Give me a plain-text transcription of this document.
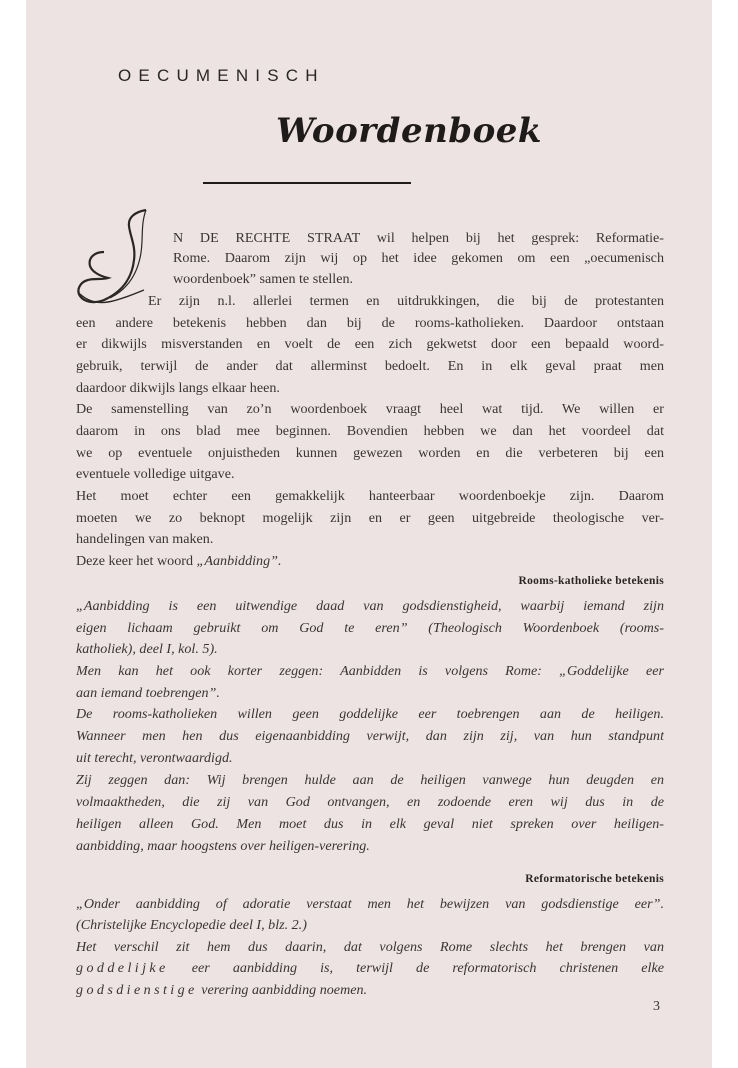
OECUMENISCH
Woordenboek
N DE RECHTE STRAAT wil helpen bij het gesprek: Reformatie-
Rome. Daarom zijn wij op het idee gekomen om een „oecumenisch
woordenboek” samen te stellen.
Er zijn n.l. allerlei termen en uitdrukkingen, die bij de protestanten
een andere betekenis hebben dan bij de rooms-katholieken. Daardoor ontstaan
er dikwijls misverstanden en voelt de een zich gekwetst door een bepaald woord-
gebruik, terwijl de ander dat allerminst bedoelt. En in elk geval praat men
daardoor dikwijls langs elkaar heen.
De samenstelling van zo’n woordenboek vraagt heel wat tijd. We willen er
daarom in ons blad mee beginnen. Bovendien hebben we dan het voordeel dat
we op eventuele onjuistheden kunnen gewezen worden en die verbeteren bij een
eventuele volledige uitgave.
Het moet echter een gemakkelijk hanteerbaar woordenboekje zijn. Daarom
moeten we zo beknopt mogelijk zijn en er geen uitgebreide theologische ver-
handelingen van maken.
Deze keer het woord „Aanbidding”.
Rooms-katholieke betekenis
„Aanbidding is een uitwendige daad van godsdienstigheid, waarbij iemand zijn
eigen lichaam gebruikt om God te eren” (Theologisch Woordenboek (rooms-
katholiek), deel I, kol. 5).
Men kan het ook korter zeggen: Aanbidden is volgens Rome: „Goddelijke eer
aan iemand toebrengen”.
De rooms-katholieken willen geen goddelijke eer toebrengen aan de heiligen.
Wanneer men hen dus eigenaanbidding verwijt, dan zijn zij, van hun standpunt
uit terecht, verontwaardigd.
Zij zeggen dan: Wij brengen hulde aan de heiligen vanwege hun deugden en
volmaaktheden, die zij van God ontvangen, en zodoende eren wij dus in de
heiligen alleen God. Men moet dus in elk geval niet spreken over heiligen-
aanbidding, maar hoogstens over heiligen-verering.
Reformatorische betekenis
„Onder aanbidding of adoratie verstaat men het bewijzen van godsdienstige eer”.
(Christelijke Encyclopedie deel I, blz. 2.)
Het verschil zit hem dus daarin, dat volgens Rome slechts het brengen van
goddelijke eer aanbidding is, terwijl de reformatorisch christenen elke
godsdienstige verering aanbidding noemen.
3
